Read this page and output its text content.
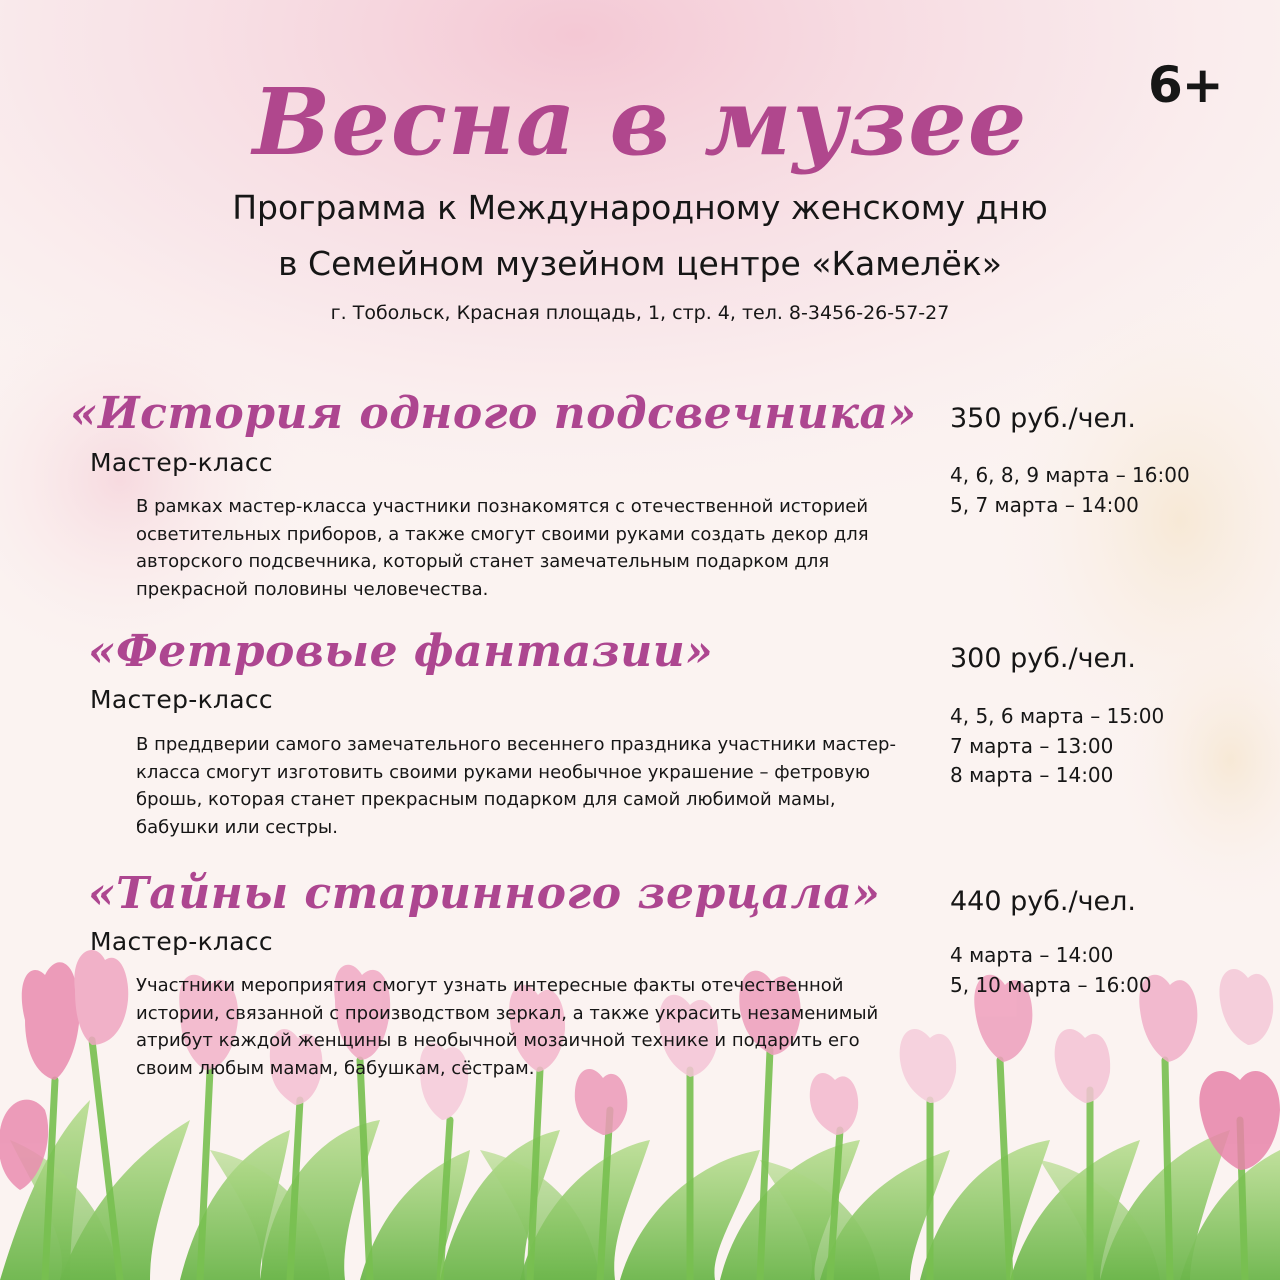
6+
Весна в музее
Программа к Международному женскому дню
в Семейном музейном центре «Камелёк»
г. Тобольск, Красная площадь, 1, стр. 4, тел. 8-3456-26-57-27
«История одного подсвечника»
Мастер-класс
В рамках мастер-класса участники познакомятся с отечественной историей осветительных приборов, а также смогут своими руками создать декор для авторского подсвечника, который станет замечательным подарком для прекрасной половины человечества.
350 руб./чел.
4, 6, 8, 9 марта – 16:00
5, 7 марта – 14:00
«Фетровые фантазии»
Мастер-класс
В преддверии самого замечательного весеннего праздника участники мастер-класса смогут изготовить своими руками необычное украшение – фетровую брошь, которая станет прекрасным подарком для самой любимой мамы, бабушки или сестры.
300 руб./чел.
4, 5, 6 марта – 15:00
7 марта – 13:00
8 марта – 14:00
«Тайны старинного зерцала»
Мастер-класс
Участники мероприятия смогут узнать интересные факты отечественной истории, связанной с производством зеркал, а также украсить незаменимый атрибут каждой женщины в необычной мозаичной технике и подарить его своим любым мамам, бабушкам, сёстрам.
440 руб./чел.
4 марта – 14:00
5, 10 марта – 16:00
